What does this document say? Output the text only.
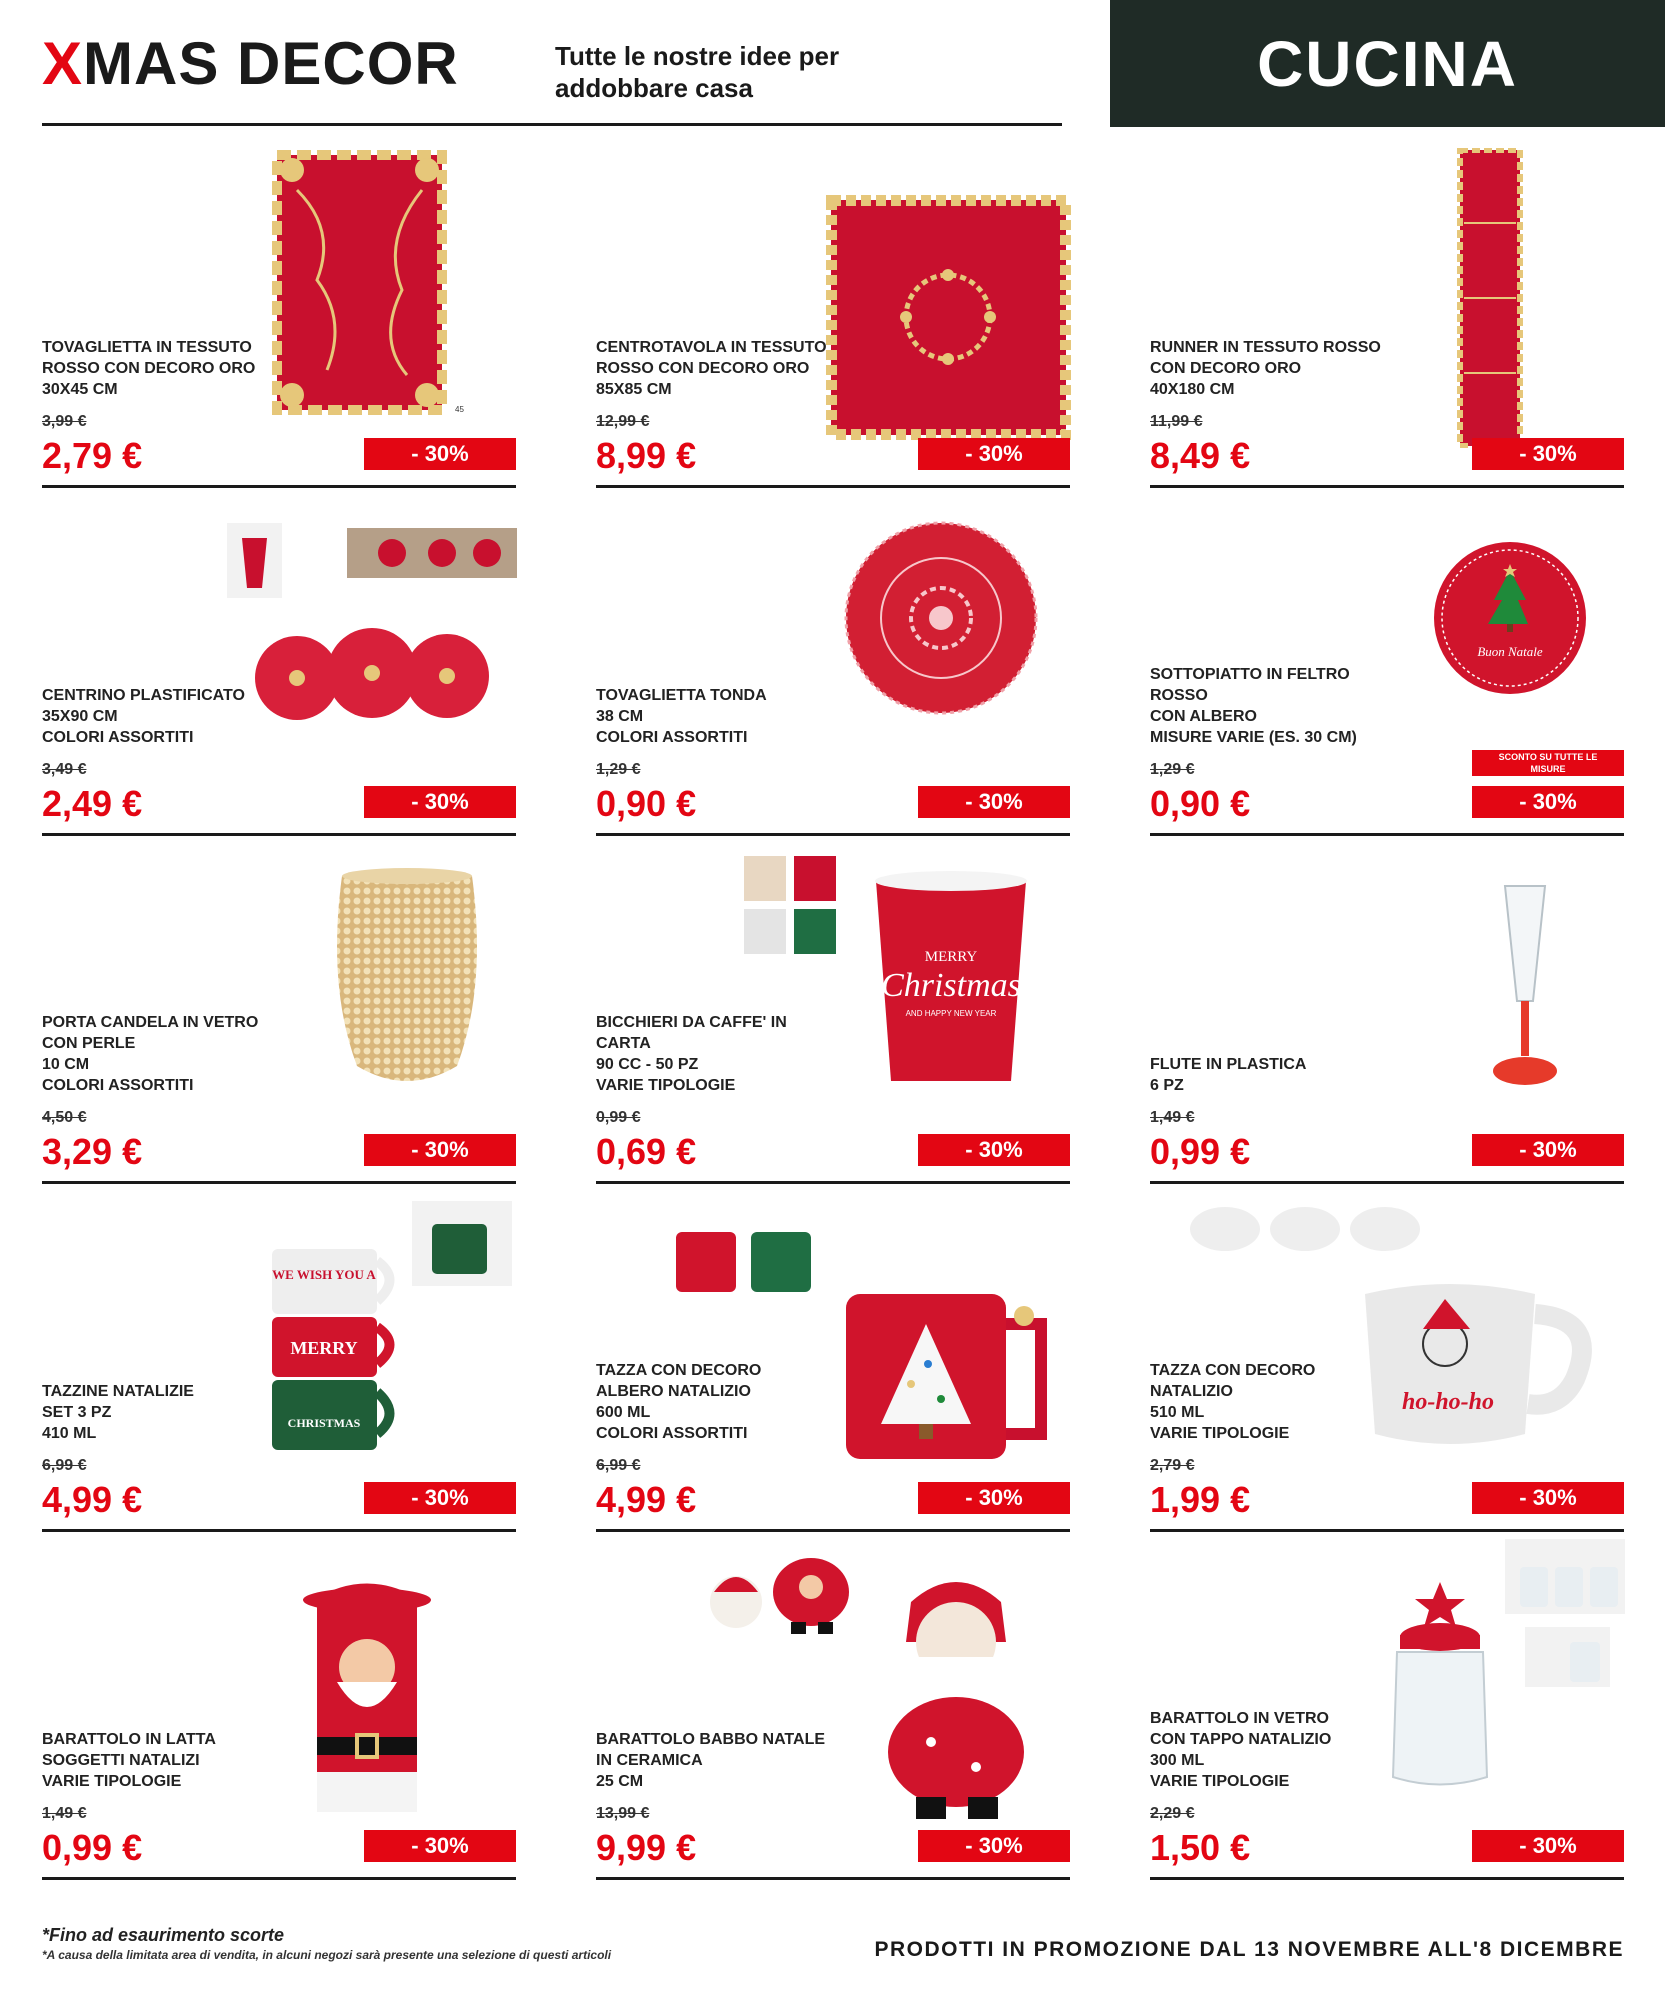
XMAS DECOR	Tutte le nostre idee per
addobbare casa	CUCINA
45
TOVAGLIETTA IN TESSUTO
ROSSO CON DECORO ORO
30X45 CM
3,99 €
2,79 €	- 30%
CENTROTAVOLA IN TESSUTO
ROSSO CON DECORO ORO
85X85 CM
12,99 €
8,99 €	- 30%
RUNNER IN TESSUTO ROSSO
CON DECORO ORO
40X180 CM
11,99 €
8,49 €	- 30%
CENTRINO PLASTIFICATO
35X90 CM
COLORI ASSORTITI
3,49 €
2,49 €	- 30%
TOVAGLIETTA TONDA
38 CM
COLORI ASSORTITI
1,29 €
0,90 €	- 30%
Buon Natale
SCONTO SU TUTTE LE MISURE
SOTTOPIATTO IN FELTRO ROSSO
CON ALBERO
MISURE VARIE (ES. 30 CM)
1,29 €
0,90 €	- 30%
PORTA CANDELA IN VETRO
CON PERLE
10 CM
COLORI ASSORTITI
4,50 €
3,29 €	- 30%
MERRY
Christmas
AND HAPPY NEW YEAR
BICCHIERI DA CAFFE' IN CARTA
90 CC - 50 PZ
VARIE TIPOLOGIE
0,99 €
0,69 €	- 30%
FLUTE IN PLASTICA
6 PZ
1,49 €
0,99 €	- 30%
WE WISH YOU A
MERRY
CHRISTMAS
TAZZINE NATALIZIE
SET 3 PZ
410 ML
6,99 €
4,99 €	- 30%
TAZZA CON DECORO
ALBERO NATALIZIO
600 ML
COLORI ASSORTITI
6,99 €
4,99 €	- 30%
ho-ho-ho
TAZZA CON DECORO NATALIZIO
510 ML
VARIE TIPOLOGIE
2,79 €
1,99 €	- 30%
BARATTOLO IN LATTA
SOGGETTI NATALIZI
VARIE TIPOLOGIE
1,49 €
0,99 €	- 30%
BARATTOLO BABBO NATALE
IN CERAMICA
25 CM
13,99 €
9,99 €	- 30%
BARATTOLO IN VETRO
CON TAPPO NATALIZIO
300 ML
VARIE TIPOLOGIE
2,29 €
1,50 €	- 30%
*Fino ad esaurimento scorte
*A causa della limitata area di vendita, in alcuni negozi sarà presente una selezione di questi articoli	PRODOTTI IN PROMOZIONE DAL 13 NOVEMBRE ALL'8 DICEMBRE
